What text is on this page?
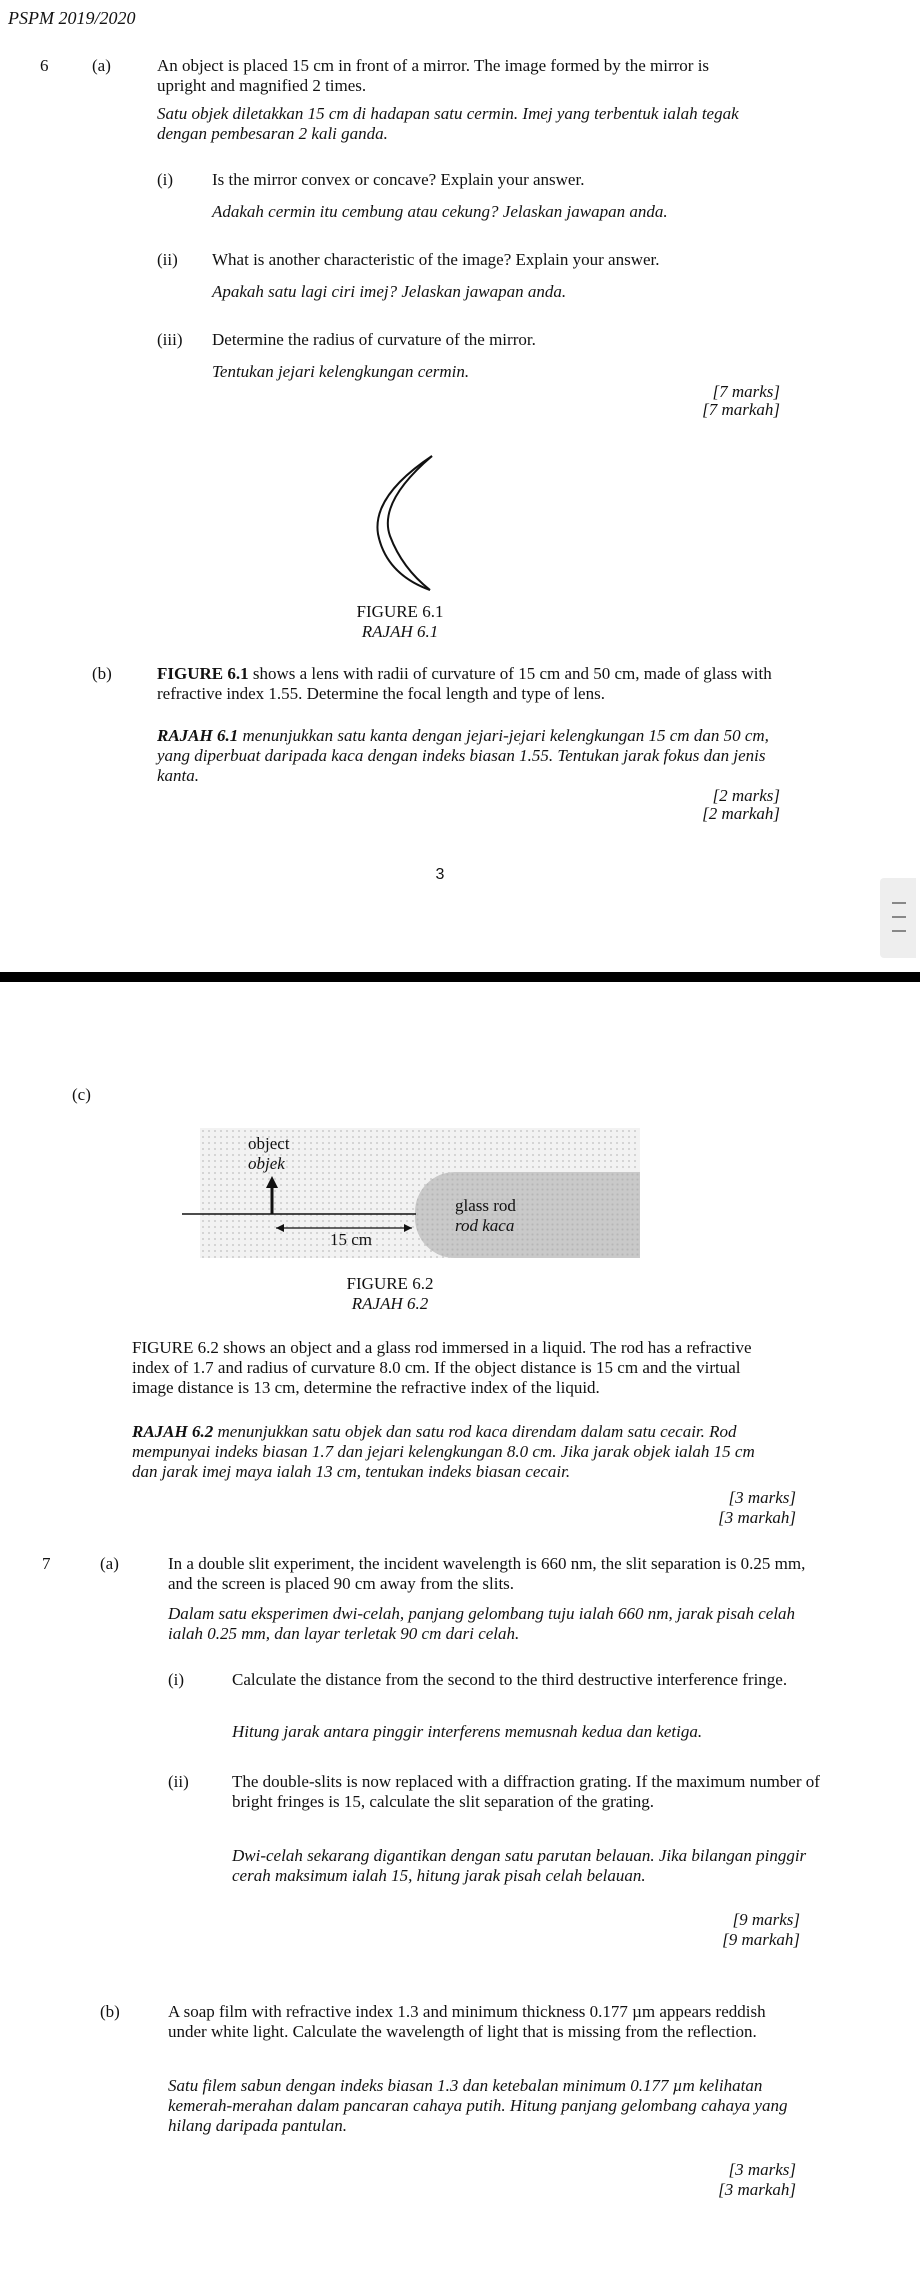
PSPM 2019/2020
6	(a)	An object is placed 15 cm in front of a mirror. The image formed by the mirror is upright and magnified 2 times.
Satu objek diletakkan 15 cm di hadapan satu cermin. Imej yang terbentuk ialah tegak dengan pembesaran 2 kali ganda.
(i) Is the mirror convex or concave? Explain your answer.
Adakah cermin itu cembung atau cekung? Jelaskan jawapan anda.
(ii) What is another characteristic of the image? Explain your answer.
Apakah satu lagi ciri imej? Jelaskan jawapan anda.
(iii) Determine the radius of curvature of the mirror.
Tentukan jejari kelengkungan cermin.
[7 marks]
[7 markah]
FIGURE 6.1
RAJAH 6.1
(b)	FIGURE 6.1 shows a lens with radii of curvature of 15 cm and 50 cm, made of glass with refractive index 1.55. Determine the focal length and type of lens.
RAJAH 6.1 menunjukkan satu kanta dengan jejari-jejari kelengkungan 15 cm dan 50 cm, yang diperbuat daripada kaca dengan indeks biasan 1.55. Tentukan jarak fokus dan jenis kanta.
[2 marks]
[2 markah]
3
(c)
object
objek
glass rod
rod kaca
15 cm
FIGURE 6.2
RAJAH 6.2
FIGURE 6.2 shows an object and a glass rod immersed in a liquid. The rod has a refractive index of 1.7 and radius of curvature 8.0 cm. If the object distance is 15 cm and the virtual image distance is 13 cm, determine the refractive index of the liquid.
RAJAH 6.2 menunjukkan satu objek dan satu rod kaca direndam dalam satu cecair. Rod mempunyai indeks biasan 1.7 dan jejari kelengkungan 8.0 cm. Jika jarak objek ialah 15 cm dan jarak imej maya ialah 13 cm, tentukan indeks biasan cecair.
[3 marks]
[3 markah]
7	(a)	In a double slit experiment, the incident wavelength is 660 nm, the slit separation is 0.25 mm, and the screen is placed 90 cm away from the slits.
Dalam satu eksperimen dwi-celah, panjang gelombang tuju ialah 660 nm, jarak pisah celah ialah 0.25 mm, dan layar terletak 90 cm dari celah.
(i)	Calculate the distance from the second to the third destructive interference fringe.
Hitung jarak antara pinggir interferens memusnah kedua dan ketiga.
(ii)	The double-slits is now replaced with a diffraction grating. If the maximum number of bright fringes is 15, calculate the slit separation of the grating.
Dwi-celah sekarang digantikan dengan satu parutan belauan. Jika bilangan pinggir cerah maksimum ialah 15, hitung jarak pisah celah belauan.
[9 marks]
[9 markah]
(b)	A soap film with refractive index 1.3 and minimum thickness 0.177 µm appears reddish under white light. Calculate the wavelength of light that is missing from the reflection.
Satu filem sabun dengan indeks biasan 1.3 dan ketebalan minimum 0.177 µm kelihatan kemerah-merahan dalam pancaran cahaya putih. Hitung panjang gelombang cahaya yang hilang daripada pantulan.
[3 marks]
[3 markah]
